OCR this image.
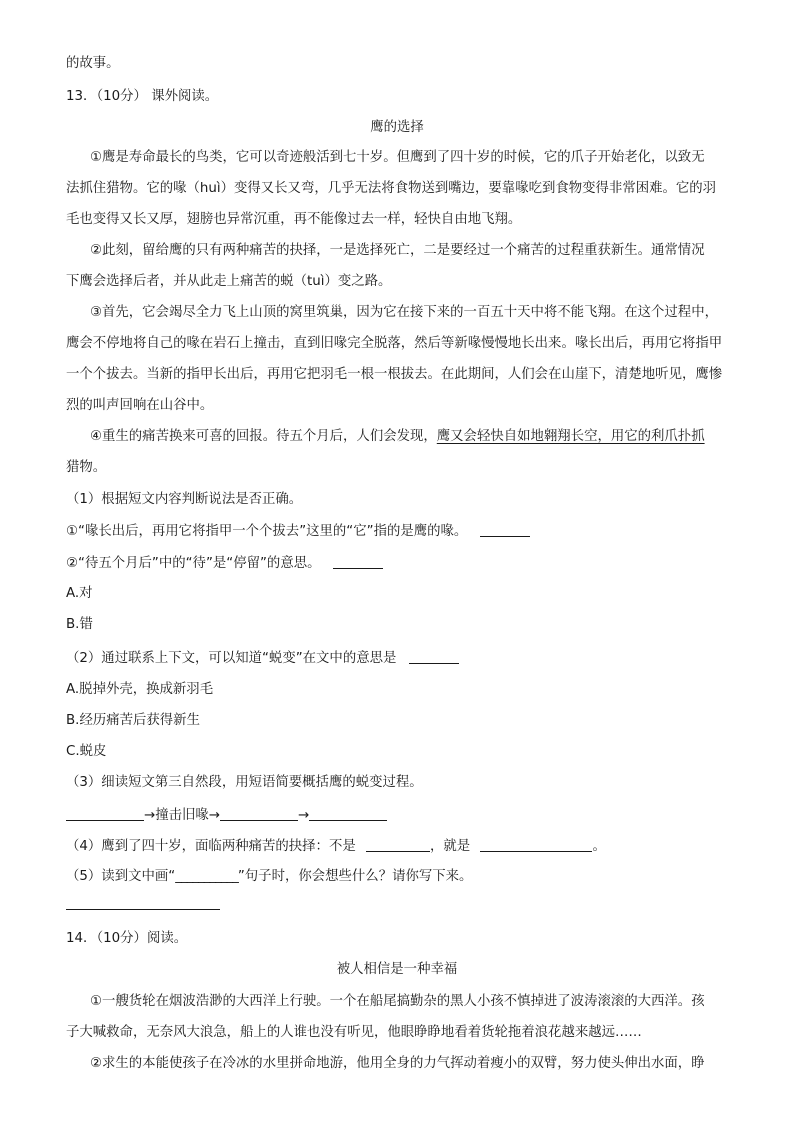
的故事。
13．（10分） 课外阅读。
鹰的选择
①鹰是寿命最长的鸟类，它可以奇迹般活到七十岁。但鹰到了四十岁的时候，它的爪子开始老化，以致无
法抓住猎物。它的喙（huì）变得又长又弯，几乎无法将食物送到嘴边，要靠喙吃到食物变得非常困难。它的羽
毛也变得又长又厚，翅膀也异常沉重，再不能像过去一样，轻快自由地飞翔。
②此刻，留给鹰的只有两种痛苦的抉择，一是选择死亡，二是要经过一个痛苦的过程重获新生。通常情况
下鹰会选择后者，并从此走上痛苦的蜕（tuì）变之路。
③首先，它会竭尽全力飞上山顶的窝里筑巢，因为它在接下来的一百五十天中将不能飞翔。在这个过程中，
鹰会不停地将自己的喙在岩石上撞击，直到旧喙完全脱落，然后等新喙慢慢地长出来。喙长出后，再用它将指甲
一个个拔去。当新的指甲长出后，再用它把羽毛一根一根拔去。在此期间，人们会在山崖下，清楚地听见，鹰惨
烈的叫声回响在山谷中。
④重生的痛苦换来可喜的回报。待五个月后，人们会发现，鹰又会轻快自如地翱翔长空，用它的利爪扑抓
猎物。
（1）根据短文内容判断说法是否正确。
①“喙长出后，再用它将指甲一个个拔去”这里的“它”指的是鹰的喙。
②“待五个月后”中的“待”是“停留”的意思。
A.对
B.错
（2）通过联系上下文，可以知道“蜕变”在文中的意思是
A.脱掉外壳，换成新羽毛
B.经历痛苦后获得新生
C.蜕皮
（3）细读短文第三自然段，用短语简要概括鹰的蜕变过程。
→撞击旧喙→	→
（4）鹰到了四十岁，面临两种痛苦的抉择：不是	，就是	。
（5）读到文中画“___________”句子时，你会想些什么？请你写下来。
14．（10分）阅读。
被人相信是一种幸福
①一艘货轮在烟波浩渺的大西洋上行驶。一个在船尾搞勤杂的黑人小孩不慎掉进了波涛滚滚的大西洋。孩
子大喊救命，无奈风大浪急，船上的人谁也没有听见，他眼睁睁地看着货轮拖着浪花越来越远……
②求生的本能使孩子在冷冰的水里拼命地游，他用全身的力气挥动着瘦小的双臂，努力使头伸出水面，睁
